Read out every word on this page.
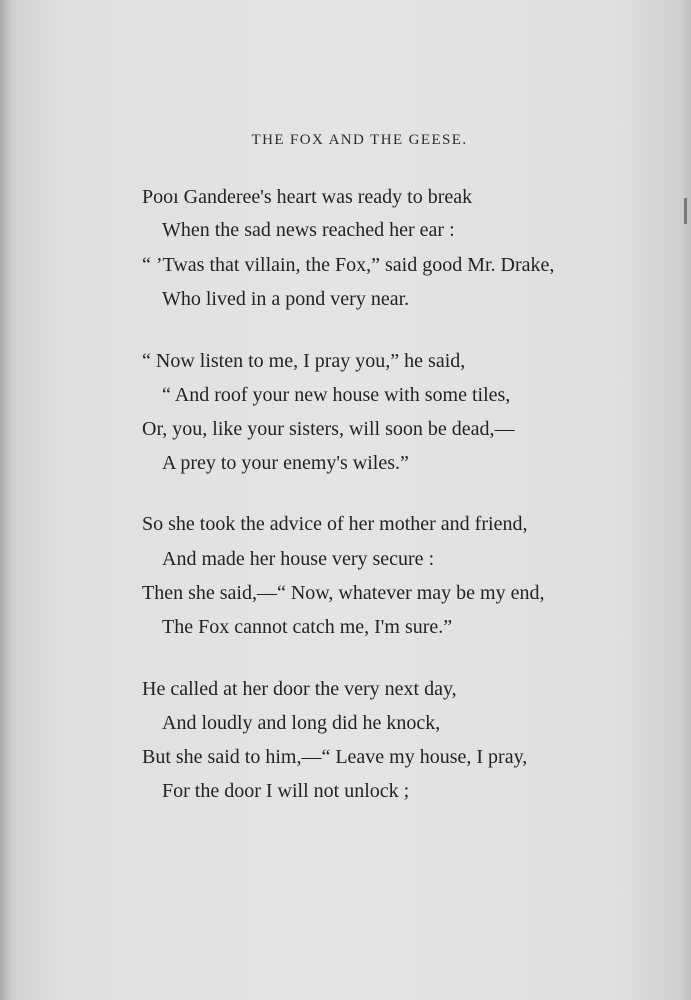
THE FOX AND THE GEESE.
Pooı Ganderee's heart was ready to break
When the sad news reached her ear :
“ ’Twas that villain, the Fox,” said good Mr. Drake,
Who lived in a pond very near.
“ Now listen to me, I pray you,” he said,
“ And roof your new house with some tiles,
Or, you, like your sisters, will soon be dead,—
A prey to your enemy's wiles.”
So she took the advice of her mother and friend,
And made her house very secure :
Then she said,—“ Now, whatever may be my end,
The Fox cannot catch me, I'm sure.”
He called at her door the very next day,
And loudly and long did he knock,
But she said to him,—“ Leave my house, I pray,
For the door I will not unlock ;
